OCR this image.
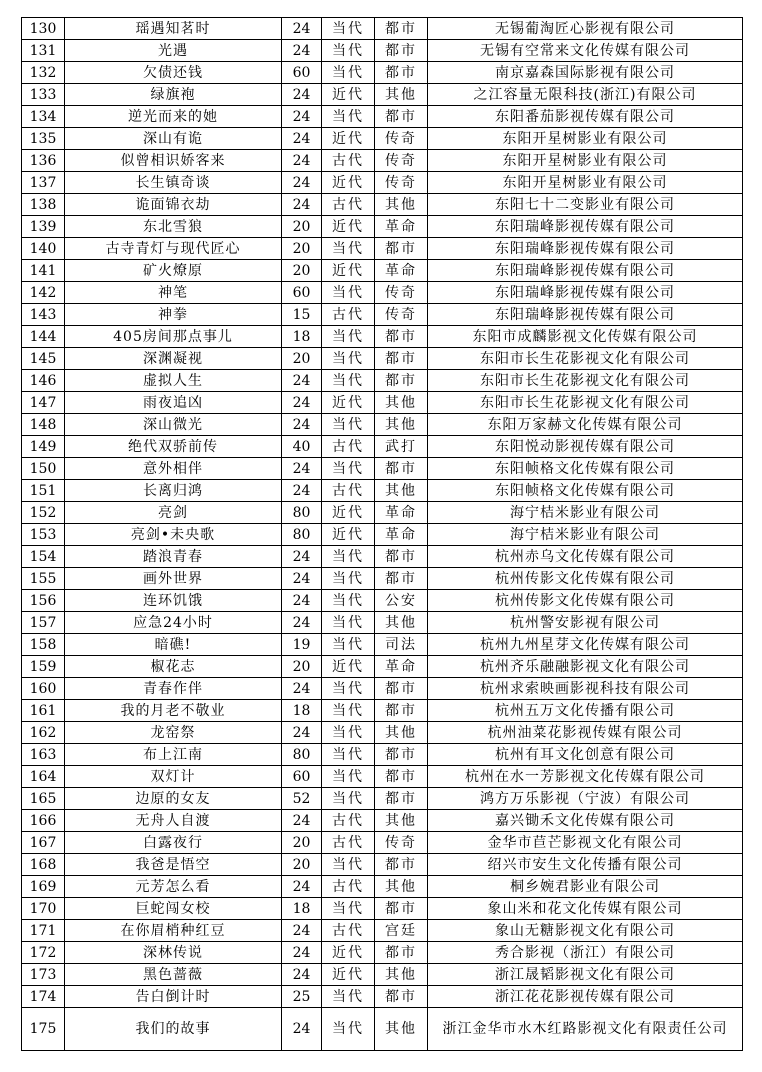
130	瑶遇知茗时	24	当代	都市	无锡葡淘匠心影视有限公司
131	光遇	24	当代	都市	无锡有空常来文化传媒有限公司
132	欠债还钱	60	当代	都市	南京嘉森国际影视有限公司
133	绿旗袍	24	近代	其他	之江容量无限科技(浙江)有限公司
134	逆光而来的她	24	当代	都市	东阳番茄影视传媒有限公司
135	深山有诡	24	近代	传奇	东阳开星树影业有限公司
136	似曾相识娇客来	24	古代	传奇	东阳开星树影业有限公司
137	长生镇奇谈	24	近代	传奇	东阳开星树影业有限公司
138	诡面锦衣劫	24	古代	其他	东阳七十二变影业有限公司
139	东北雪狼	20	近代	革命	东阳瑞峰影视传媒有限公司
140	古寺青灯与现代匠心	20	当代	都市	东阳瑞峰影视传媒有限公司
141	矿火燎原	20	近代	革命	东阳瑞峰影视传媒有限公司
142	神笔	60	当代	传奇	东阳瑞峰影视传媒有限公司
143	神拳	15	古代	传奇	东阳瑞峰影视传媒有限公司
144	405房间那点事儿	18	当代	都市	东阳市成麟影视文化传媒有限公司
145	深渊凝视	20	当代	都市	东阳市长生花影视文化有限公司
146	虚拟人生	24	当代	都市	东阳市长生花影视文化有限公司
147	雨夜追凶	24	近代	其他	东阳市长生花影视文化有限公司
148	深山微光	24	当代	其他	东阳万家赫文化传媒有限公司
149	绝代双骄前传	40	古代	武打	东阳悦动影视传媒有限公司
150	意外相伴	24	当代	都市	东阳帧格文化传媒有限公司
151	长离归鸿	24	古代	其他	东阳帧格文化传媒有限公司
152	亮剑	80	近代	革命	海宁桔米影业有限公司
153	亮剑•未央歌	80	近代	革命	海宁桔米影业有限公司
154	踏浪青春	24	当代	都市	杭州赤乌文化传媒有限公司
155	画外世界	24	当代	都市	杭州传影文化传媒有限公司
156	连环饥饿	24	当代	公安	杭州传影文化传媒有限公司
157	应急24小时	24	当代	其他	杭州警安影视有限公司
158	暗礁!	19	当代	司法	杭州九州星芽文化传媒有限公司
159	椒花志	20	近代	革命	杭州齐乐融融影视文化有限公司
160	青春作伴	24	当代	都市	杭州求索映画影视科技有限公司
161	我的月老不敬业	18	当代	都市	杭州五万文化传播有限公司
162	龙窑祭	24	当代	其他	杭州油菜花影视传媒有限公司
163	布上江南	80	当代	都市	杭州有耳文化创意有限公司
164	双灯计	60	当代	都市	杭州在水一芳影视文化传媒有限公司
165	边原的女友	52	当代	都市	鸿方万乐影视（宁波）有限公司
166	无舟人自渡	24	古代	其他	嘉兴锄禾文化传媒有限公司
167	白露夜行	20	古代	传奇	金华市苣芒影视文化有限公司
168	我爸是悟空	20	当代	都市	绍兴市安生文化传播有限公司
169	元芳怎么看	24	古代	其他	桐乡婉君影业有限公司
170	巨蛇闯女校	18	当代	都市	象山米和花文化传媒有限公司
171	在你眉梢种红豆	24	古代	宫廷	象山无糖影视文化有限公司
172	深林传说	24	近代	都市	秀合影视（浙江）有限公司
173	黑色蔷薇	24	近代	其他	浙江晟韬影视文化有限公司
174	告白倒计时	25	当代	都市	浙江花花影视传媒有限公司
175	我们的故事	24	当代	其他	浙江金华市水木红路影视文化有限责任公司
